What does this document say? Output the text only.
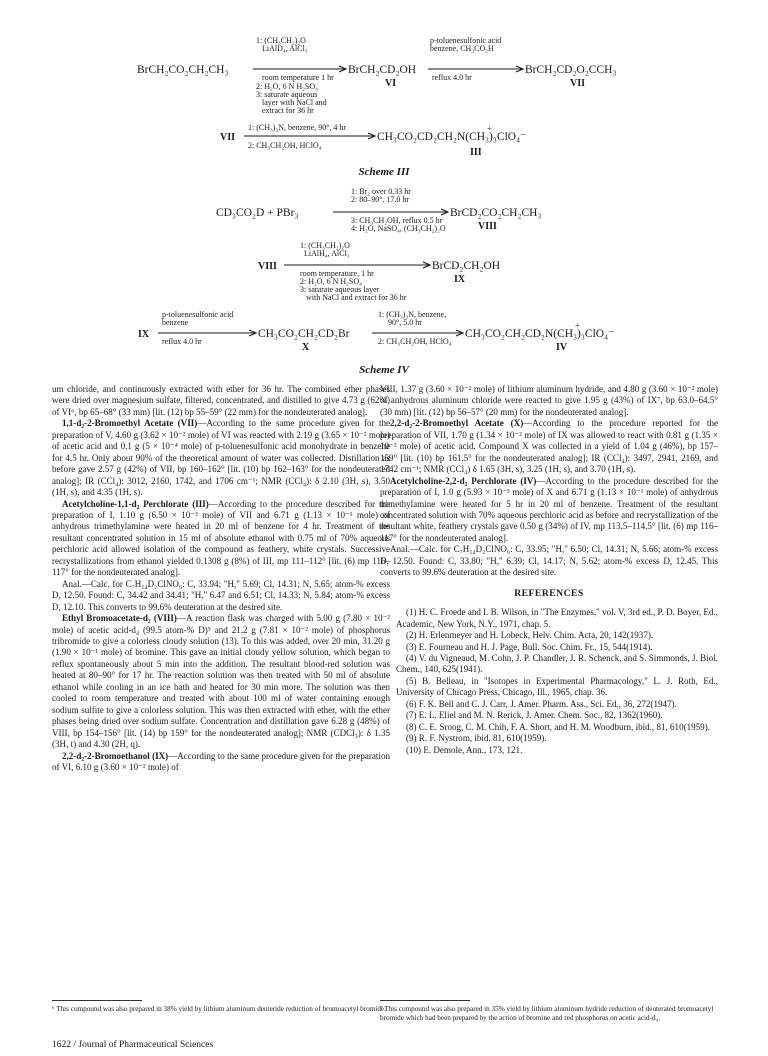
BrCH₂CO₂CH₂CH₃
1: (CH₃CH₂)₂O
LiAlD₄, AlCl₃
room temperature 1 hr
2: H₂O, 6 N H₂SO₄
3: saturate aqueous
layer with NaCl and
extract for 36 hr
BrCH₂CD₂OH
VI
p-toluenesulfonic acid
benzene, CH₃CO₂H
reflux 4.0 hr
BrCH₂CD₂O₂CCH₃
VII
VII
1: (CH₃)₃N, benzene, 90°, 4 hr
2: CH₃CH₂OH, HClO₄
CH₃CO₂CD₂CH₂N(CH₃)₃ClO₄⁻
+
III
Scheme III
CD₃CO₂D + PBr₃
1: Br₂ over 0.33 hr
2: 80–90°, 17.0 hr
3: CH₃CH₂OH, reflux 0.5 hr
4: H₂O, NaSO₄, (CH₃CH₂)₂O
BrCD₂CO₂CH₂CH₃
VIII
VIII
1: (CH₃CH₂)₂O
LiAlH₄, AlCl₃
room temperature, 1 hr
2: H₂O, 6 N H₂SO₄
3: saturate aqueous layer
with NaCl and extract for 36 hr
BrCD₂CH₂OH
IX
IX
p-toluenesulfonic acid
benzene
reflux 4.0 hr
CH₃CO₂CH₂CD₂Br
X
1: (CH₃)₃N, benzene,
90°, 5.0 hr
2: CH₃CH₂OH, HClO₄
CH₃CO₂CH₂CD₂N(CH₃)₃ClO₄⁻
+
IV
Scheme IV

um chloride, and continuously extracted with ether for 36 hr. The combined ether phases were dried over magnesium sulfate, filtered, concentrated, and distilled to give 4.73 g (62%) of VI⁶, bp 65–68° (33 mm) [lit. (12) bp 55–59° (22 mm) for the nondeuterated analog].

1,1-d₂-2-Bromoethyl Acetate (VII)—According to the same procedure given for the preparation of V, 4.60 g (3.62 × 10⁻² mole) of VI was reacted with 2.19 g (3.65 × 10⁻² mole) of acetic acid and 0.1 g (5 × 10⁻⁴ mole) of p-toluenesulfonic acid monohydrate in benzene for 4.5 hr. Only about 90% of the theoretical amount of water was collected. Distillation as before gave 2.57 g (42%) of VII, bp 160–162° [lit. (10) bp 162–163° for the nondeuterated analog]; IR (CCl₄): 3012, 2160, 1742, and 1706 cm⁻¹; NMR (CCl₄): δ 2.10 (3H, s), 3.50 (1H, s), and 4.35 (1H, s).

Acetylcholine-1,1-d₂ Perchlorate (III)—According to the procedure described for the preparation of I, 1.10 g (6.50 × 10⁻³ mole) of VII and 6.71 g (1.13 × 10⁻¹ mole) of anhydrous trimethylamine were heated in 20 ml of benzene for 4 hr. Treatment of the resultant concentrated solution in 15 ml of absolute ethanol with 0.75 ml of 70% aqueous perchloric acid allowed isolation of the compound as feathery, white crystals. Successive recrystallizations from ethanol yielded 0.1308 g (8%) of III, mp 111–112° [lit. (6) mp 116–117° for the nondeuterated analog].

Anal.—Calc. for C₇H₁₄D₂ClNO₆: C, 33.94; "H," 5.69; Cl, 14.31; N, 5.65; atom-% excess D, 12.50. Found: C, 34.42 and 34.41; "H," 6.47 and 6.51; Cl, 14.33; N, 5.84; atom-% excess D, 12.10. This converts to 99.6% deuteration at the desired site.

Ethyl Bromoacetate-d₂ (VIII)—A reaction flask was charged with 5.00 g (7.80 × 10⁻² mole) of acetic acid-d₄ (99.5 atom-% D)⁵ and 21.2 g (7.81 × 10⁻² mole) of phosphorus tribromide to give a colorless cloudy solution (13). To this was added, over 20 min, 31.20 g (1.90 × 10⁻¹ mole) of bromine. This gave an initial cloudy yellow solution, which began to reflux spontaneously about 5 min into the addition. The resultant blood-red solution was heated at 80–90° for 17 hr. The reaction solution was then treated with 50 ml of absolute ethanol while cooling in an ice bath and heated for 30 min more. The solution was then cooled to room temperature and treated with about 100 ml of water containing enough sodium sulfite to give a colorless solution. This was then extracted with ether, with the ether phases being dried over sodium sulfate. Concentration and distillation gave 6.28 g (48%) of VIII, bp 154–156° [lit. (14) bp 159° for the nondeuterated analog]; NMR (CDCl₃): δ 1.35 (3H, t) and 4.30 (2H, q).

2,2-d₂-2-Bromoethanol (IX)—According to the same procedure given for the preparation of VI, 6.10 g (3.60 × 10⁻² mole) of

VIII, 1.37 g (3.60 × 10⁻² mole) of lithium aluminum hydride, and 4.80 g (3.60 × 10⁻² mole) of anhydrous aluminum chloride were reacted to give 1.95 g (43%) of IX⁷, bp 63.0–64.5° (30 mm) [lit. (12) bp 56–57° (20 mm) for the nondeuterated analog].

2,2-d₂-2-Bromoethyl Acetate (X)—According to the procedure reported for the preparation of VII, 1.70 g (1.34 × 10⁻² mole) of IX was allowed to react with 0.81 g (1.35 × 10⁻² mole) of acetic acid. Compound X was collected in a yield of 1.04 g (46%), bp 157–159° [lit. (10) bp 161.5° for the nondeuterated analog]; IR (CCl₄): 3497, 2941, 2169, and 1742 cm⁻¹; NMR (CCl₄) δ 1.65 (3H, s), 3.25 (1H, s), and 3.70 (1H, s).

Acetylcholine-2,2-d₂ Perchlorate (IV)—According to the procedure described for the preparation of I, 1.0 g (5.93 × 10⁻³ mole) of X and 6.71 g (1.13 × 10⁻¹ mole) of anhydrous trimethylamine were heated for 5 hr in 20 ml of benzene. Treatment of the resultant concentrated solution with 70% aqueous perchloric acid as before and recrystallization of the resultant white, feathery crystals gave 0.50 g (34%) of IV, mp 113.5–114.5° [lit. (6) mp 116–117° for the nondeuterated analog].

Anal.—Calc. for C₇H₁₄D₂ClNO₆: C, 33.95; "H," 6.50; Cl, 14.31; N, 5.66; atom-% excess D, 12.50. Found: C, 33.80; "H," 6.39; Cl, 14.17; N, 5.62; atom-% excess D, 12.45. This converts to 99.6% deuteration at the desired site.

REFERENCES

(1) H. C. Froede and I. B. Wilson, in "The Enzymes," vol. V, 3rd ed., P. D. Boyer, Ed., Academic, New York, N.Y., 1971, chap. 5.

(2) H. Erlenmeyer and H. Lobeck, Helv. Chim. Acta, 20, 142(1937).

(3) E. Fourneau and H. J. Page, Bull. Soc. Chim. Fr., 15, 544(1914).

(4) V. du Vigneaud, M. Cohn, J. P. Chandler, J. R. Schenck, and S. Simmonds, J. Biol. Chem., 140, 625(1941).

(5) B. Belleau, in "Isotopes in Experimental Pharmacology," L. J. Roth, Ed., University of Chicago Press, Chicago, Ill., 1965, chap. 36.

(6) F. K. Bell and C. J. Carr, J. Amer. Pharm. Ass., Sci. Ed., 36, 272(1947).

(7) E. L. Eliel and M. N. Rerick, J. Amer. Chem. Soc., 82, 1362(1960).

(8) C. E. Sroog, C. M. Chih, F. A. Short, and H. M. Woodburn, ibid., 81, 610(1959).

(9) R. F. Nystrom, ibid. 81, 610(1959).

(10) E. Demole, Ann., 173, 121.

⁶ This compound was also prepared in 38% yield by lithium aluminum deuteride reduction of bromoacetyl bromide.
⁷ This compound was also prepared in 35% yield by lithium aluminum hydride reduction of deuterated bromoacetyl bromide which had been prepared by the action of bromine and red phosphorus on acetic acid-d₄.
1622 / Journal of Pharmaceutical Sciences
